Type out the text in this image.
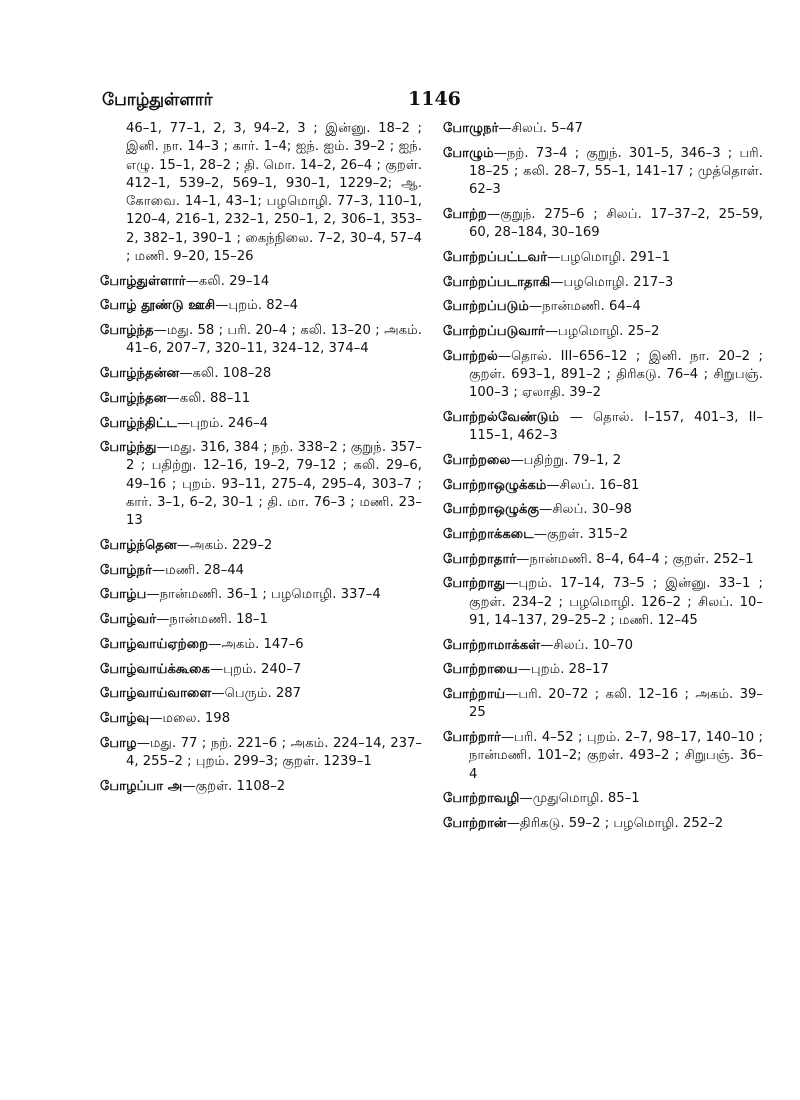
போழ்துள்ளார்	1146
46–1, 77–1, 2, 3, 94–2, 3 ; இன்னு. 18–2 ; இனி. நா. 14–3 ; கார். 1–4; ஐந். ஐம். 39–2 ; ஐந். எழு. 15–1, 28–2 ; தி. மொ. 14–2, 26–4 ; குறள். 412–1, 539–2, 569–1, 930–1, 1229–2; ஆ. கோவை. 14–1, 43–1; பழமொழி. 77–3, 110–1, 120–4, 216–1, 232–1, 250–1, 2, 306–1, 353–2, 382–1, 390–1 ; கைந்நிலை. 7–2, 30–4, 57–4 ; மணி. 9–20, 15–26
போழ்துள்ளார்—கலி. 29–14
போழ் தூண்டு ஊசி—புறம். 82–4
போழ்ந்த—மது. 58 ; பரி. 20–4 ; கலி. 13–20 ; அகம். 41–6, 207–7, 320–11, 324–12, 374–4
போழ்ந்தன்ன—கலி. 108–28
போழ்ந்தன—கலி. 88–11
போழ்ந்திட்ட—புறம். 246–4
போழ்ந்து—மது. 316, 384 ; நற். 338–2 ; குறுந். 357–2 ; பதிற்று. 12–16, 19–2, 79–12 ; கலி. 29–6, 49–16 ; புறம். 93–11, 275–4, 295–4, 303–7 ; கார். 3–1, 6–2, 30–1 ; தி. மா. 76–3 ; மணி. 23–13
போழ்ந்தென—அகம். 229–2
போழ்நர்—மணி. 28–44
போழ்ப—நான்மணி. 36–1 ; பழமொழி. 337–4
போழ்வர்—நான்மணி. 18–1
போழ்வாய்ஏற்றை—அகம். 147–6
போழ்வாய்க்கூகை—புறம். 240–7
போழ்வாய்வாளை—பெரும். 287
போழ்வு—மலை. 198
போழ—மது. 77 ; நற். 221–6 ; அகம். 224–14, 237–4, 255–2 ; புறம். 299–3; குறள். 1239–1
போழப்பா அ—குறள். 1108–2
போழுநர்—சிலப். 5–47
போழும்—நற். 73–4 ; குறுந். 301–5, 346–3 ; பரி. 18–25 ; கலி. 28–7, 55–1, 141–17 ; முத்தொள். 62–3
போற்ற—குறுந். 275–6 ; சிலப். 17–37–2, 25–59, 60, 28–184, 30–169
போற்றப்பட்டவர்—பழமொழி. 291–1
போற்றப்படாதாகி—பழமொழி. 217–3
போற்றப்படும்—நான்மணி. 64–4
போற்றப்படுவார்—பழமொழி. 25–2
போற்றல்—தொல். III–656–12 ; இனி. நா. 20–2 ; குறள். 693–1, 891–2 ; திரிகடு. 76–4 ; சிறுபஞ். 100–3 ; ஏலாதி. 39–2
போற்றல்வேண்டும் — தொல். I–157, 401–3, II–115–1, 462–3
போற்றலை—பதிற்று. 79–1, 2
போற்றாஒழுக்கம்—சிலப். 16–81
போற்றாஒழுக்கு—சிலப். 30–98
போற்றாக்கடை—குறள். 315–2
போற்றாதார்—நான்மணி. 8–4, 64–4 ; குறள். 252–1
போற்றாது—புறம். 17–14, 73–5 ; இன்னு. 33–1 ; குறள். 234–2 ; பழமொழி. 126–2 ; சிலப். 10–91, 14–137, 29–25–2 ; மணி. 12–45
போற்றாமாக்கள்—சிலப். 10–70
போற்றாயை—புறம். 28–17
போற்றாய்—பரி. 20–72 ; கலி. 12–16 ; அகம். 39–25
போற்றார்—பரி. 4–52 ; புறம். 2–7, 98–17, 140–10 ; நான்மணி. 101–2; குறள். 493–2 ; சிறுபஞ். 36–4
போற்றாவழி—முதுமொழி. 85–1
போற்றான்—திரிகடு. 59–2 ; பழமொழி. 252–2
